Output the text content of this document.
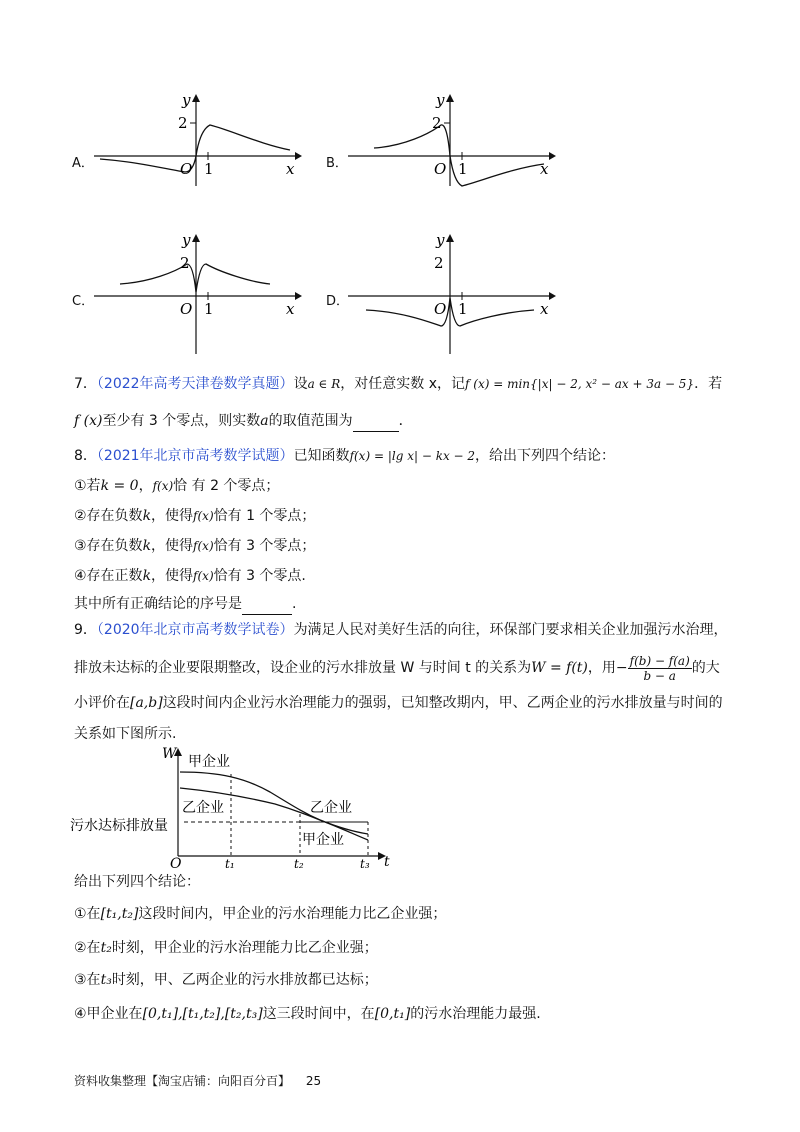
A．
y
2
O 1	x B．
y
2
O 1	x
C．
y
2
O 1	x D．
y
2
O 1	x
7．（2022年高考天津卷数学真题）设a ∈ R，对任意实数 x，记f (x) = min{|x| − 2, x² − ax + 3a − 5}．若
f (x)至少有 3 个零点，则实数a的取值范围为	．
8．（2021年北京市高考数学试题）已知函数f(x) = |lg x| − kx − 2，给出下列四个结论：
①若k = 0，f(x)恰 有 2 个零点；
②存在负数k，使得f(x)恰有 1 个零点；
③存在负数k，使得f(x)恰有 3 个零点；
④存在正数k，使得f(x)恰有 3 个零点.
其中所有正确结论的序号是	.
9．（2020年北京市高考数学试卷）为满足人民对美好生活的向往，环保部门要求相关企业加强污水治理，
排放未达标的企业要限期整改，设企业的污水排放量 W 与时间 t 的关系为W = f(t)，用− $\frac{f(b) - f(a)}{b - a}$ 的大
小评价在[a,b]这段时间内企业污水治理能力的强弱，已知整改期内，甲、乙两企业的污水排放量与时间的
关系如下图所示.
W 甲企业
乙企业
污水达标排放量
乙企业
甲企业
O	t₁	t₂	t₃ t
给出下列四个结论：
①在[t₁,t₂]这段时间内，甲企业的污水治理能力比乙企业强；
②在t₂时刻，甲企业的污水治理能力比乙企业强；
③在t₃时刻，甲、乙两企业的污水排放都已达标；
④甲企业在[0,t₁],[t₁,t₂],[t₂,t₃]这三段时间中，在[0,t₁]的污水治理能力最强.
资料收集整理【淘宝店铺：向阳百分百】 25
